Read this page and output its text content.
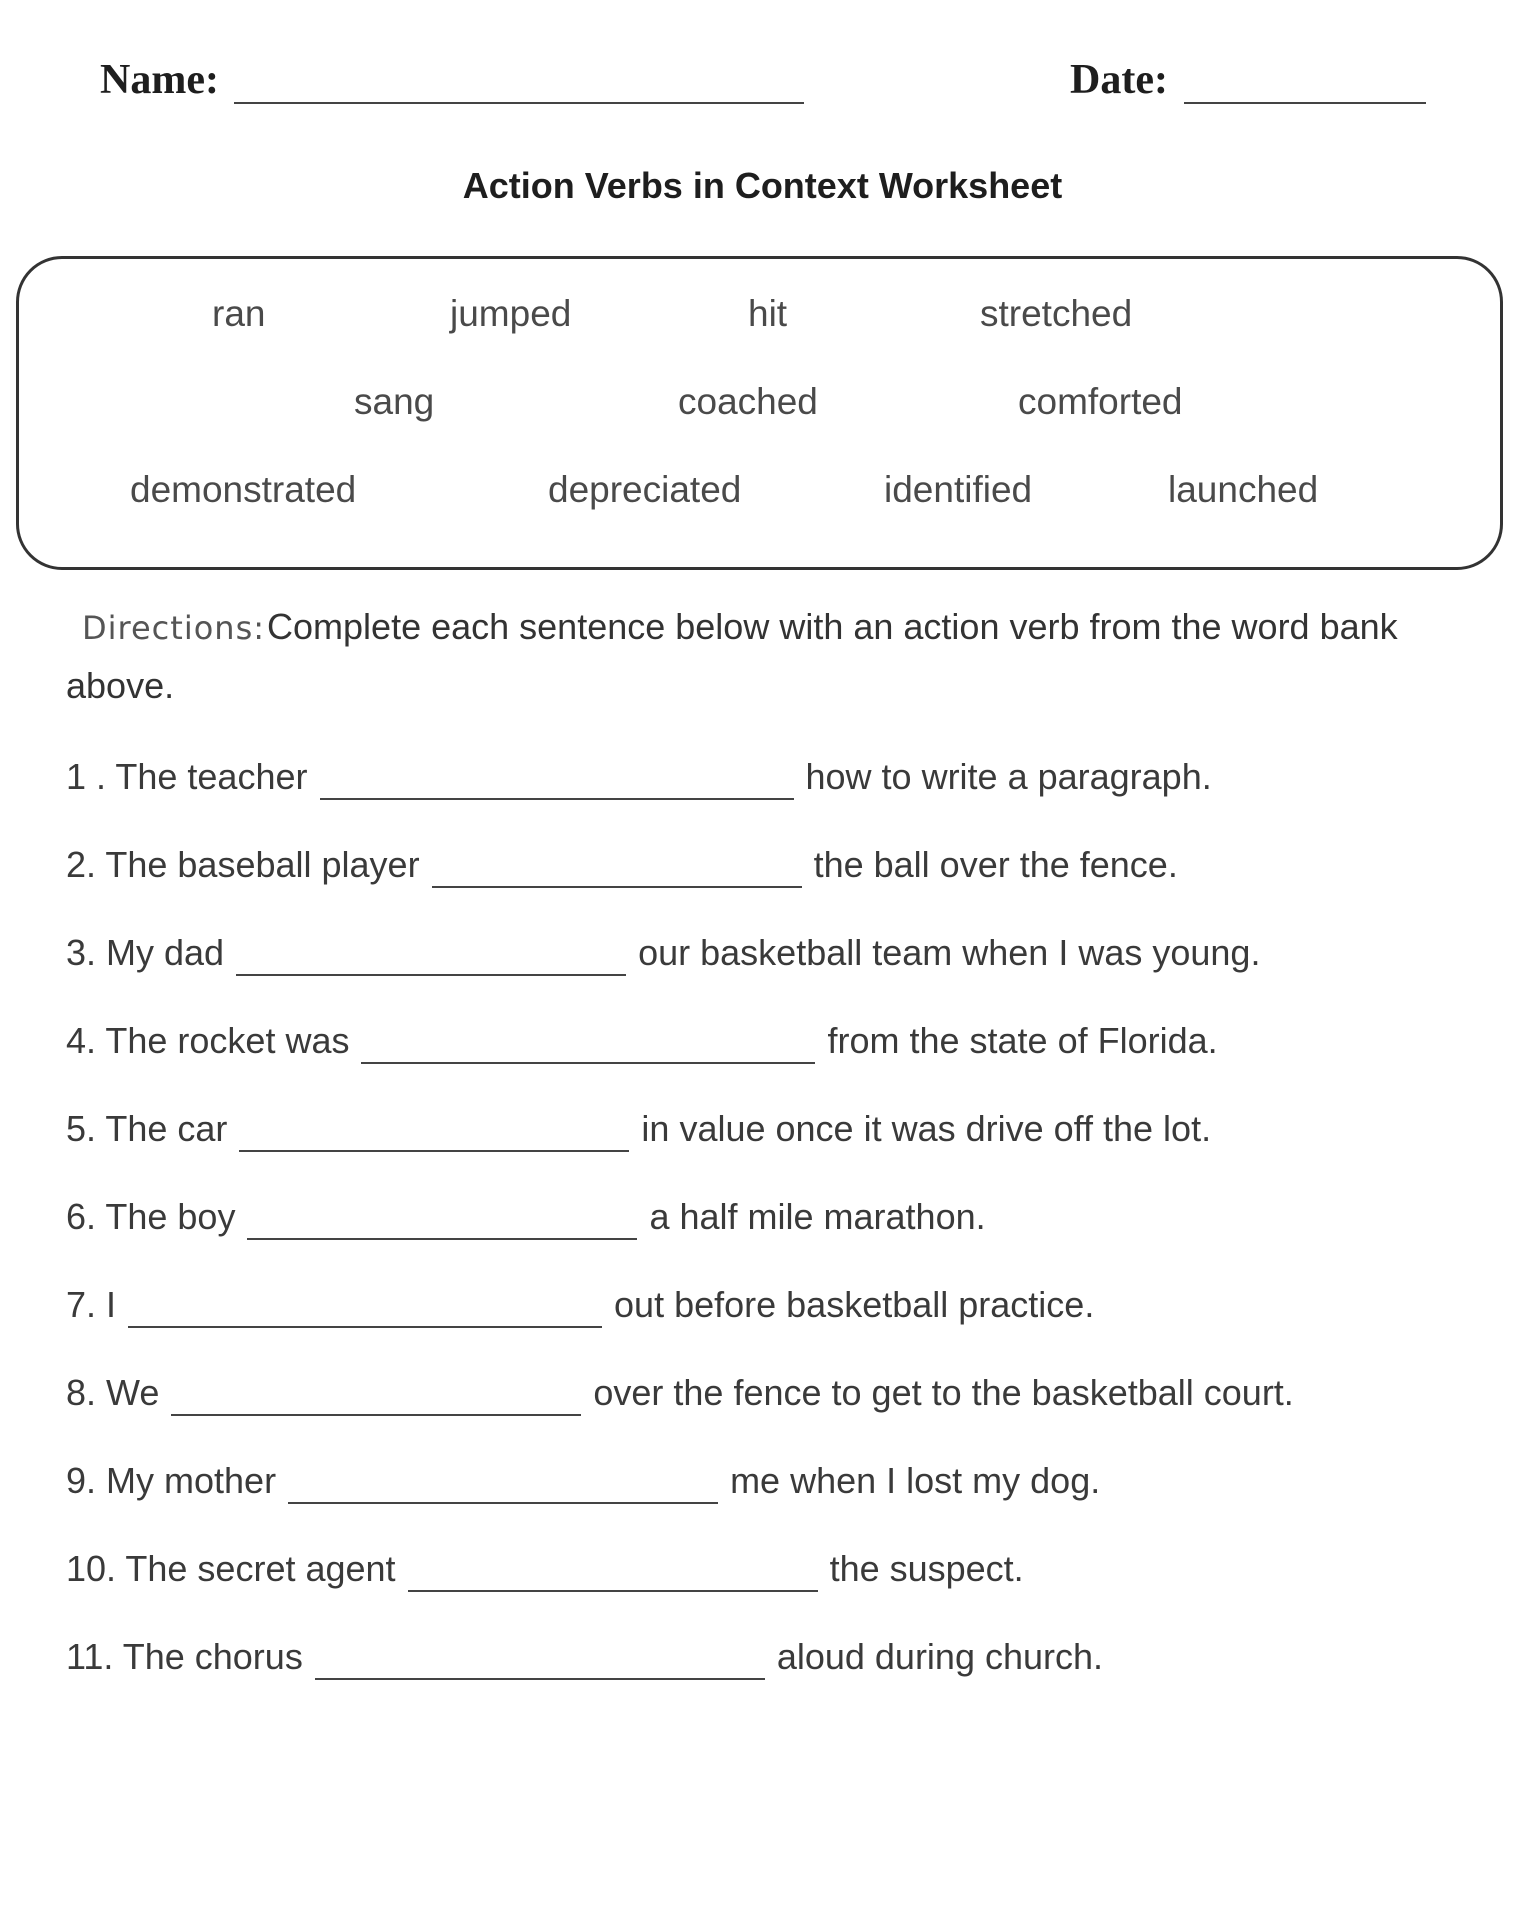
Name:	Date:
Action Verbs in Context Worksheet
ran	jumped	hit	stretched
sang	coached	comforted
demonstrated	depreciated	identified	launched
Directions:Complete each sentence below with an action verb from the word bank above.
1 . The teacher	how to write a paragraph.
2. The baseball player	the ball over the fence.
3. My dad	our basketball team when I was young.
4. The rocket was	from the state of Florida.
5. The car	in value once it was drive off the lot.
6. The boy	a half mile marathon.
7. I	out before basketball practice.
8. We	over the fence to get to the basketball court.
9. My mother	me when I lost my dog.
10. The secret agent	the suspect.
11. The chorus	aloud during church.
